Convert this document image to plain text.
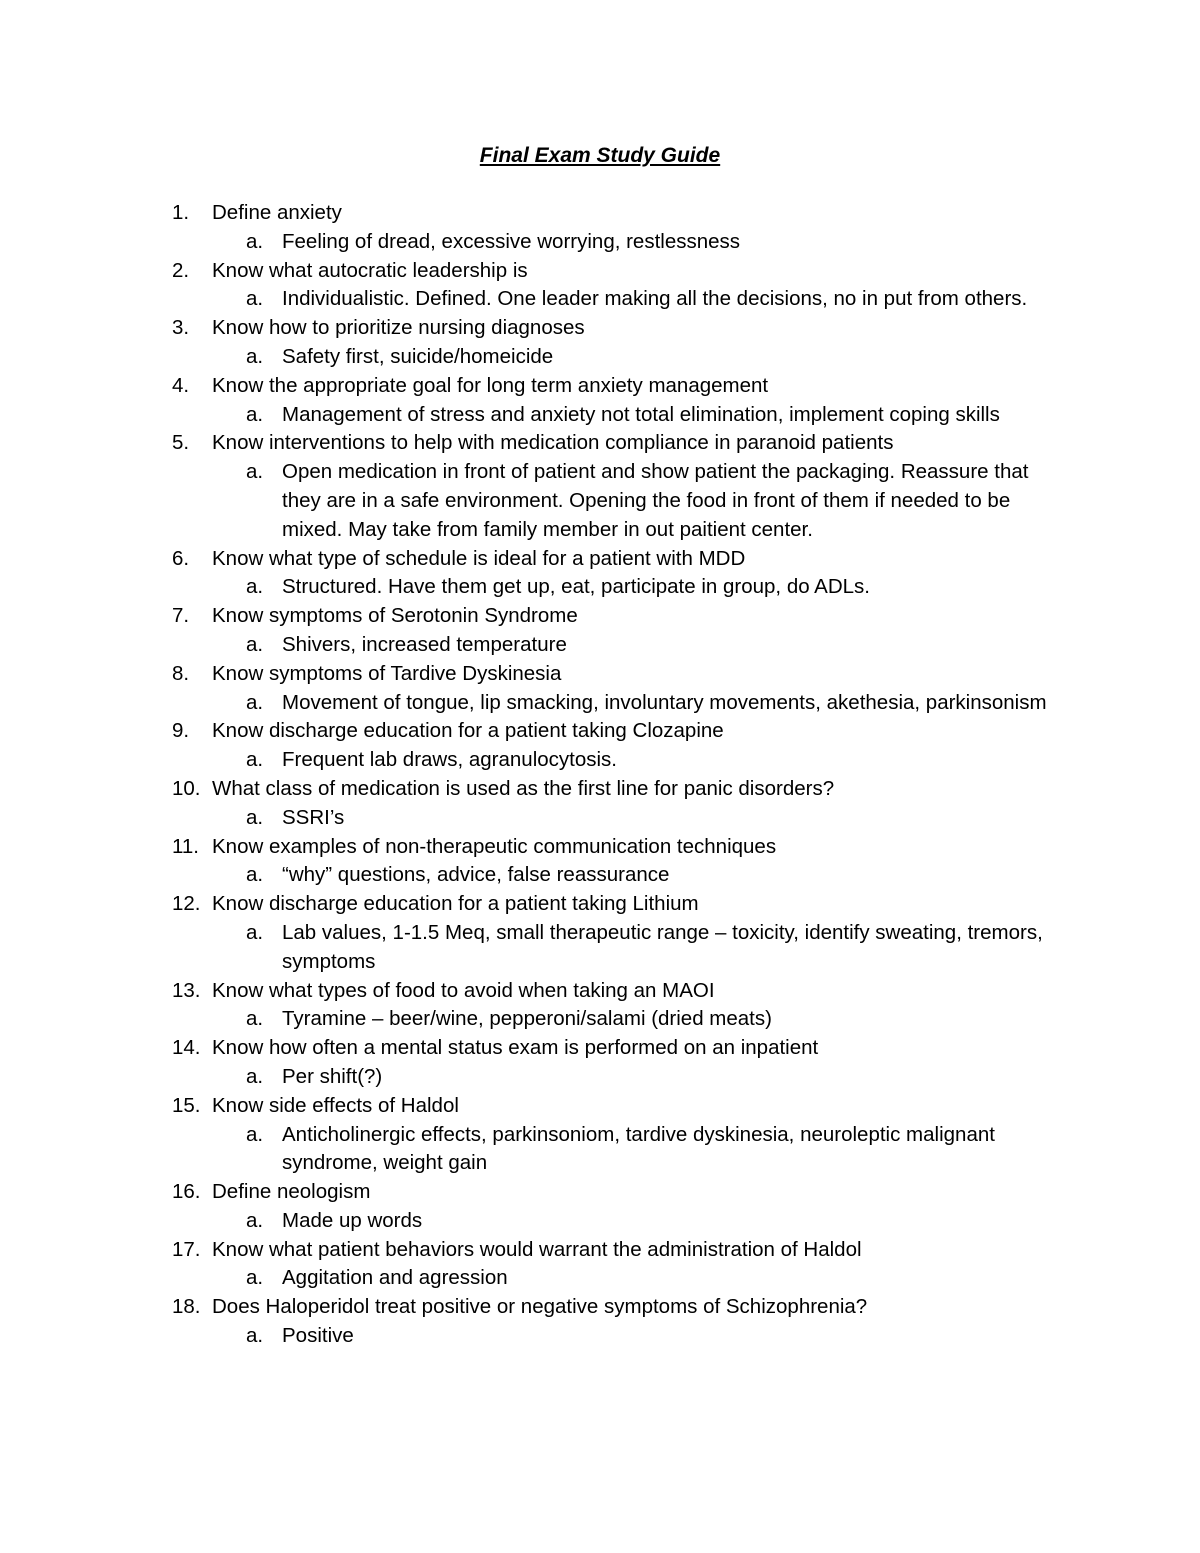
Final Exam Study Guide
1.	Define anxiety
a. Feeling of dread, excessive worrying, restlessness
2.	Know what autocratic leadership is
a. Individualistic. Defined. One leader making all the decisions, no in put from others.
3.	Know how to prioritize nursing diagnoses
a. Safety first, suicide/homeicide
4.	Know the appropriate goal for long term anxiety management
a. Management of stress and anxiety not total elimination, implement coping skills
5.	Know interventions to help with medication compliance in paranoid patients
a. Open medication in front of patient and show patient the packaging. Reassure that they are in a safe environment. Opening the food in front of them if needed to be mixed. May take from family member in out paitient center.
6.	Know what type of schedule is ideal for a patient with MDD
a. Structured. Have them get up, eat, participate in group, do ADLs.
7.	Know symptoms of Serotonin Syndrome
a. Shivers, increased temperature
8.	Know symptoms of Tardive Dyskinesia
a. Movement of tongue, lip smacking, involuntary movements, akethesia, parkinsonism
9.	Know discharge education for a patient taking Clozapine
a. Frequent lab draws, agranulocytosis.
10. What class of medication is used as the first line for panic disorders?
a. SSRI’s
11. Know examples of non-therapeutic communication techniques
a. “why” questions, advice, false reassurance
12. Know discharge education for a patient taking Lithium
a. Lab values, 1-1.5 Meq, small therapeutic range – toxicity, identify sweating, tremors, symptoms
13. Know what types of food to avoid when taking an MAOI
a. Tyramine – beer/wine, pepperoni/salami (dried meats)
14. Know how often a mental status exam is performed on an inpatient
a. Per shift(?)
15. Know side effects of Haldol
a. Anticholinergic effects, parkinsoniom, tardive dyskinesia, neuroleptic malignant syndrome, weight gain
16. Define neologism
a. Made up words
17. Know what patient behaviors would warrant the administration of Haldol
a. Aggitation and agression
18. Does Haloperidol treat positive or negative symptoms of Schizophrenia?
a. Positive
